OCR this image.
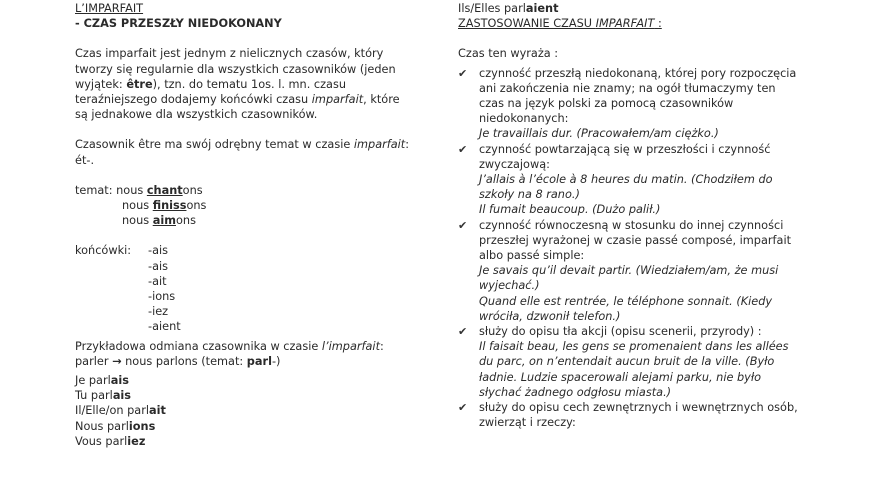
L’IMPARFAIT
- CZAS PRZESZŁY NIEDOKONANY
Czas imparfait jest jednym z nielicznych czasów, który
tworzy się regularnie dla wszystkich czasowników (jeden
wyjątek: être), tzn. do tematu 1os. l. mn. czasu
teraźniejszego dodajemy końcówki czasu imparfait, które
są jednakowe dla wszystkich czasowników.
Czasownik être ma swój odrębny temat w czasie imparfait:
ét-.
temat: nous chantons
nous finissons
nous aimons
końcówki: -ais
-ais
-ait
-ions
-iez
-aient
Przykładowa odmiana czasownika w czasie l’imparfait:
parler → nous parlons (temat: parl-)
Je parlais
Tu parlais
Il/Elle/on parlait
Nous parlions
Vous parliez
Ils/Elles parlaient
ZASTOSOWANIE CZASU IMPARFAIT :
Czas ten wyraża :
✔ czynność przeszłą niedokonaną, której pory rozpoczęcia
ani zakończenia nie znamy; na ogół tłumaczymy ten
czas na język polski za pomocą czasowników
niedokonanych:
Je travaillais dur. (Pracowałem/am ciężko.)
✔ czynność powtarzającą się w przeszłości i czynność
zwyczajową:
J’allais à l’école à 8 heures du matin. (Chodziłem do
szkoły na 8 rano.)
Il fumait beaucoup. (Dużo palił.)
✔ czynność równoczesną w stosunku do innej czynności
przeszłej wyrażonej w czasie passé composé, imparfait
albo passé simple:
Je savais qu’il devait partir. (Wiedziałem/am, że musi
wyjechać.)
Quand elle est rentrée, le téléphone sonnait. (Kiedy
wróciła, dzwonił telefon.)
✔ służy do opisu tła akcji (opisu scenerii, przyrody) :
Il faisait beau, les gens se promenaient dans les allées
du parc, on n’entendait aucun bruit de la ville. (Było
ładnie. Ludzie spacerowali alejami parku, nie było
słychać żadnego odgłosu miasta.)
✔ służy do opisu cech zewnętrznych i wewnętrznych osób,
zwierząt i rzeczy:
